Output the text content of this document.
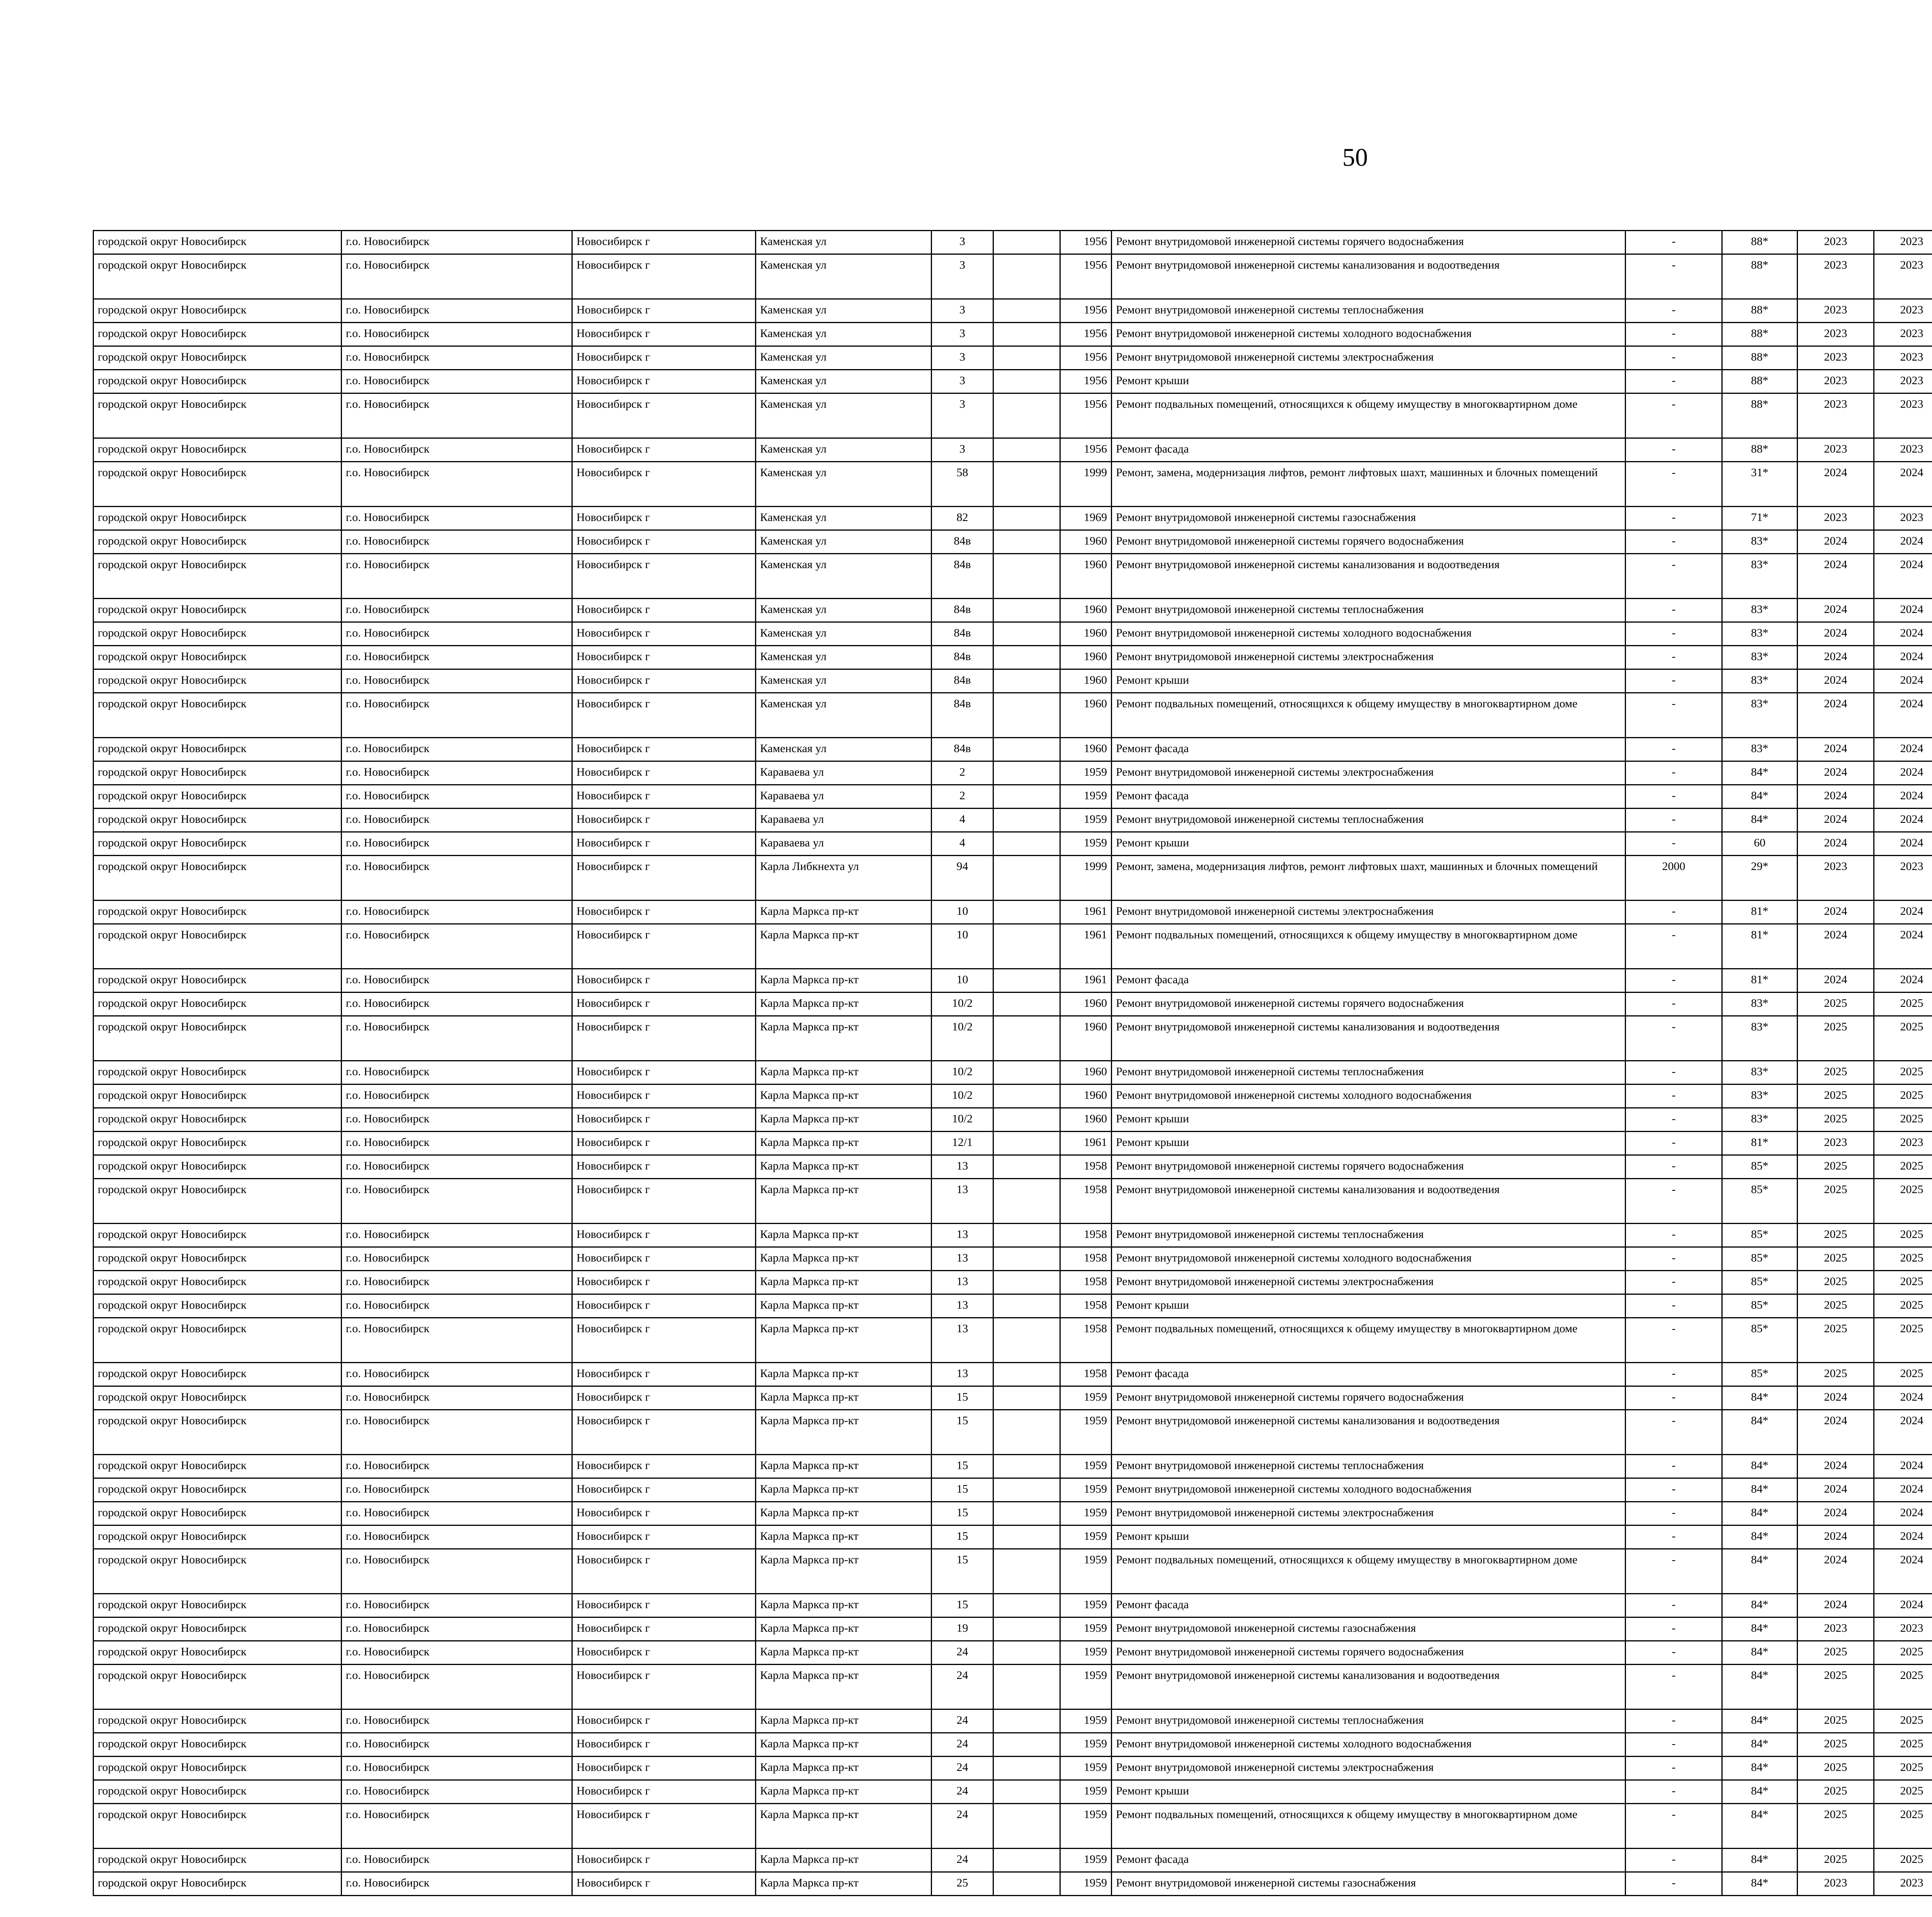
50
городской округ Новосибирск	г.о. Новосибирск	Новосибирск г	Каменская ул	3		1956	Ремонт внутридомовой инженерной системы горячего водоснабжения	-	88*	2023	2023						
городской округ Новосибирск	г.о. Новосибирск	Новосибирск г	Каменская ул	3		1956	Ремонт внутридомовой инженерной системы канализования и водоотведения	-	88*	2023	2023						
городской округ Новосибирск	г.о. Новосибирск	Новосибирск г	Каменская ул	3		1956	Ремонт внутридомовой инженерной системы теплоснабжения	-	88*	2023	2023						
городской округ Новосибирск	г.о. Новосибирск	Новосибирск г	Каменская ул	3		1956	Ремонт внутридомовой инженерной системы холодного водоснабжения	-	88*	2023	2023						
городской округ Новосибирск	г.о. Новосибирск	Новосибирск г	Каменская ул	3		1956	Ремонт внутридомовой инженерной системы электроснабжения	-	88*	2023	2023						
городской округ Новосибирск	г.о. Новосибирск	Новосибирск г	Каменская ул	3		1956	Ремонт крыши	-	88*	2023	2023						
городской округ Новосибирск	г.о. Новосибирск	Новосибирск г	Каменская ул	3		1956	Ремонт подвальных помещений, относящихся к общему имуществу в многоквартирном доме	-	88*	2023	2023						
городской округ Новосибирск	г.о. Новосибирск	Новосибирск г	Каменская ул	3		1956	Ремонт фасада	-	88*	2023	2023						
городской округ Новосибирск	г.о. Новосибирск	Новосибирск г	Каменская ул	58		1999	Ремонт, замена, модернизация лифтов, ремонт лифтовых шахт, машинных и блочных помещений	-	31*	2024	2024						
городской округ Новосибирск	г.о. Новосибирск	Новосибирск г	Каменская ул	82		1969	Ремонт внутридомовой инженерной системы газоснабжения	-	71*	2023	2023						
городской округ Новосибирск	г.о. Новосибирск	Новосибирск г	Каменская ул	84в		1960	Ремонт внутридомовой инженерной системы горячего водоснабжения	-	83*	2024	2024						
городской округ Новосибирск	г.о. Новосибирск	Новосибирск г	Каменская ул	84в		1960	Ремонт внутридомовой инженерной системы канализования и водоотведения	-	83*	2024	2024						
городской округ Новосибирск	г.о. Новосибирск	Новосибирск г	Каменская ул	84в		1960	Ремонт внутридомовой инженерной системы теплоснабжения	-	83*	2024	2024						
городской округ Новосибирск	г.о. Новосибирск	Новосибирск г	Каменская ул	84в		1960	Ремонт внутридомовой инженерной системы холодного водоснабжения	-	83*	2024	2024						
городской округ Новосибирск	г.о. Новосибирск	Новосибирск г	Каменская ул	84в		1960	Ремонт внутридомовой инженерной системы электроснабжения	-	83*	2024	2024						
городской округ Новосибирск	г.о. Новосибирск	Новосибирск г	Каменская ул	84в		1960	Ремонт крыши	-	83*	2024	2024						
городской округ Новосибирск	г.о. Новосибирск	Новосибирск г	Каменская ул	84в		1960	Ремонт подвальных помещений, относящихся к общему имуществу в многоквартирном доме	-	83*	2024	2024						
городской округ Новосибирск	г.о. Новосибирск	Новосибирск г	Каменская ул	84в		1960	Ремонт фасада	-	83*	2024	2024						
городской округ Новосибирск	г.о. Новосибирск	Новосибирск г	Каравaева ул	2		1959	Ремонт внутридомовой инженерной системы электроснабжения	-	84*	2024	2024						
городской округ Новосибирск	г.о. Новосибирск	Новосибирск г	Каравaева ул	2		1959	Ремонт фасада	-	84*	2024	2024						
городской округ Новосибирск	г.о. Новосибирск	Новосибирск г	Каравaева ул	4		1959	Ремонт внутридомовой инженерной системы теплоснабжения	-	84*	2024	2024						
городской округ Новосибирск	г.о. Новосибирск	Новосибирск г	Каравaева ул	4		1959	Ремонт крыши	-	60	2024	2024						
городской округ Новосибирск	г.о. Новосибирск	Новосибирск г	Карла Либкнехта ул	94		1999	Ремонт, замена, модернизация лифтов, ремонт лифтовых шахт, машинных и блочных помещений	2000	29*	2023	2023						
городской округ Новосибирск	г.о. Новосибирск	Новосибирск г	Карла Маркса пр-кт	10		1961	Ремонт внутридомовой инженерной системы электроснабжения	-	81*	2024	2024						
городской округ Новосибирск	г.о. Новосибирск	Новосибирск г	Карла Маркса пр-кт	10		1961	Ремонт подвальных помещений, относящихся к общему имуществу в многоквартирном доме	-	81*	2024	2024						
городской округ Новосибирск	г.о. Новосибирск	Новосибирск г	Карла Маркса пр-кт	10		1961	Ремонт фасада	-	81*	2024	2024						
городской округ Новосибирск	г.о. Новосибирск	Новосибирск г	Карла Маркса пр-кт	10/2		1960	Ремонт внутридомовой инженерной системы горячего водоснабжения	-	83*	2025	2025						
городской округ Новосибирск	г.о. Новосибирск	Новосибирск г	Карла Маркса пр-кт	10/2		1960	Ремонт внутридомовой инженерной системы канализования и водоотведения	-	83*	2025	2025						
городской округ Новосибирск	г.о. Новосибирск	Новосибирск г	Карла Маркса пр-кт	10/2		1960	Ремонт внутридомовой инженерной системы теплоснабжения	-	83*	2025	2025						
городской округ Новосибирск	г.о. Новосибирск	Новосибирск г	Карла Маркса пр-кт	10/2		1960	Ремонт внутридомовой инженерной системы холодного водоснабжения	-	83*	2025	2025						
городской округ Новосибирск	г.о. Новосибирск	Новосибирск г	Карла Маркса пр-кт	10/2		1960	Ремонт крыши	-	83*	2025	2025						
городской округ Новосибирск	г.о. Новосибирск	Новосибирск г	Карла Маркса пр-кт	12/1		1961	Ремонт крыши	-	81*	2023	2023						
городской округ Новосибирск	г.о. Новосибирск	Новосибирск г	Карла Маркса пр-кт	13		1958	Ремонт внутридомовой инженерной системы горячего водоснабжения	-	85*	2025	2025						
городской округ Новосибирск	г.о. Новосибирск	Новосибирск г	Карла Маркса пр-кт	13		1958	Ремонт внутридомовой инженерной системы канализования и водоотведения	-	85*	2025	2025						
городской округ Новосибирск	г.о. Новосибирск	Новосибирск г	Карла Маркса пр-кт	13		1958	Ремонт внутридомовой инженерной системы теплоснабжения	-	85*	2025	2025						
городской округ Новосибирск	г.о. Новосибирск	Новосибирск г	Карла Маркса пр-кт	13		1958	Ремонт внутридомовой инженерной системы холодного водоснабжения	-	85*	2025	2025						
городской округ Новосибирск	г.о. Новосибирск	Новосибирск г	Карла Маркса пр-кт	13		1958	Ремонт внутридомовой инженерной системы электроснабжения	-	85*	2025	2025						
городской округ Новосибирск	г.о. Новосибирск	Новосибирск г	Карла Маркса пр-кт	13		1958	Ремонт крыши	-	85*	2025	2025						
городской округ Новосибирск	г.о. Новосибирск	Новосибирск г	Карла Маркса пр-кт	13		1958	Ремонт подвальных помещений, относящихся к общему имуществу в многоквартирном доме	-	85*	2025	2025						
городской округ Новосибирск	г.о. Новосибирск	Новосибирск г	Карла Маркса пр-кт	13		1958	Ремонт фасада	-	85*	2025	2025						
городской округ Новосибирск	г.о. Новосибирск	Новосибирск г	Карла Маркса пр-кт	15		1959	Ремонт внутридомовой инженерной системы горячего водоснабжения	-	84*	2024	2024						
городской округ Новосибирск	г.о. Новосибирск	Новосибирск г	Карла Маркса пр-кт	15		1959	Ремонт внутридомовой инженерной системы канализования и водоотведения	-	84*	2024	2024						
городской округ Новосибирск	г.о. Новосибирск	Новосибирск г	Карла Маркса пр-кт	15		1959	Ремонт внутридомовой инженерной системы теплоснабжения	-	84*	2024	2024						
городской округ Новосибирск	г.о. Новосибирск	Новосибирск г	Карла Маркса пр-кт	15		1959	Ремонт внутридомовой инженерной системы холодного водоснабжения	-	84*	2024	2024						
городской округ Новосибирск	г.о. Новосибирск	Новосибирск г	Карла Маркса пр-кт	15		1959	Ремонт внутридомовой инженерной системы электроснабжения	-	84*	2024	2024						
городской округ Новосибирск	г.о. Новосибирск	Новосибирск г	Карла Маркса пр-кт	15		1959	Ремонт крыши	-	84*	2024	2024						
городской округ Новосибирск	г.о. Новосибирск	Новосибирск г	Карла Маркса пр-кт	15		1959	Ремонт подвальных помещений, относящихся к общему имуществу в многоквартирном доме	-	84*	2024	2024						
городской округ Новосибирск	г.о. Новосибирск	Новосибирск г	Карла Маркса пр-кт	15		1959	Ремонт фасада	-	84*	2024	2024						
городской округ Новосибирск	г.о. Новосибирск	Новосибирск г	Карла Маркса пр-кт	19		1959	Ремонт внутридомовой инженерной системы газоснабжения	-	84*	2023	2023						
городской округ Новосибирск	г.о. Новосибирск	Новосибирск г	Карла Маркса пр-кт	24		1959	Ремонт внутридомовой инженерной системы горячего водоснабжения	-	84*	2025	2025						
городской округ Новосибирск	г.о. Новосибирск	Новосибирск г	Карла Маркса пр-кт	24		1959	Ремонт внутридомовой инженерной системы канализования и водоотведения	-	84*	2025	2025						
городской округ Новосибирск	г.о. Новосибирск	Новосибирск г	Карла Маркса пр-кт	24		1959	Ремонт внутридомовой инженерной системы теплоснабжения	-	84*	2025	2025						
городской округ Новосибирск	г.о. Новосибирск	Новосибирск г	Карла Маркса пр-кт	24		1959	Ремонт внутридомовой инженерной системы холодного водоснабжения	-	84*	2025	2025						
городской округ Новосибирск	г.о. Новосибирск	Новосибирск г	Карла Маркса пр-кт	24		1959	Ремонт внутридомовой инженерной системы электроснабжения	-	84*	2025	2025						
городской округ Новосибирск	г.о. Новосибирск	Новосибирск г	Карла Маркса пр-кт	24		1959	Ремонт крыши	-	84*	2025	2025						
городской округ Новосибирск	г.о. Новосибирск	Новосибирск г	Карла Маркса пр-кт	24		1959	Ремонт подвальных помещений, относящихся к общему имуществу в многоквартирном доме	-	84*	2025	2025						
городской округ Новосибирск	г.о. Новосибирск	Новосибирск г	Карла Маркса пр-кт	24		1959	Ремонт фасада	-	84*	2025	2025						
городской округ Новосибирск	г.о. Новосибирск	Новосибирск г	Карла Маркса пр-кт	25		1959	Ремонт внутридомовой инженерной системы газоснабжения	-	84*	2023	2023						
